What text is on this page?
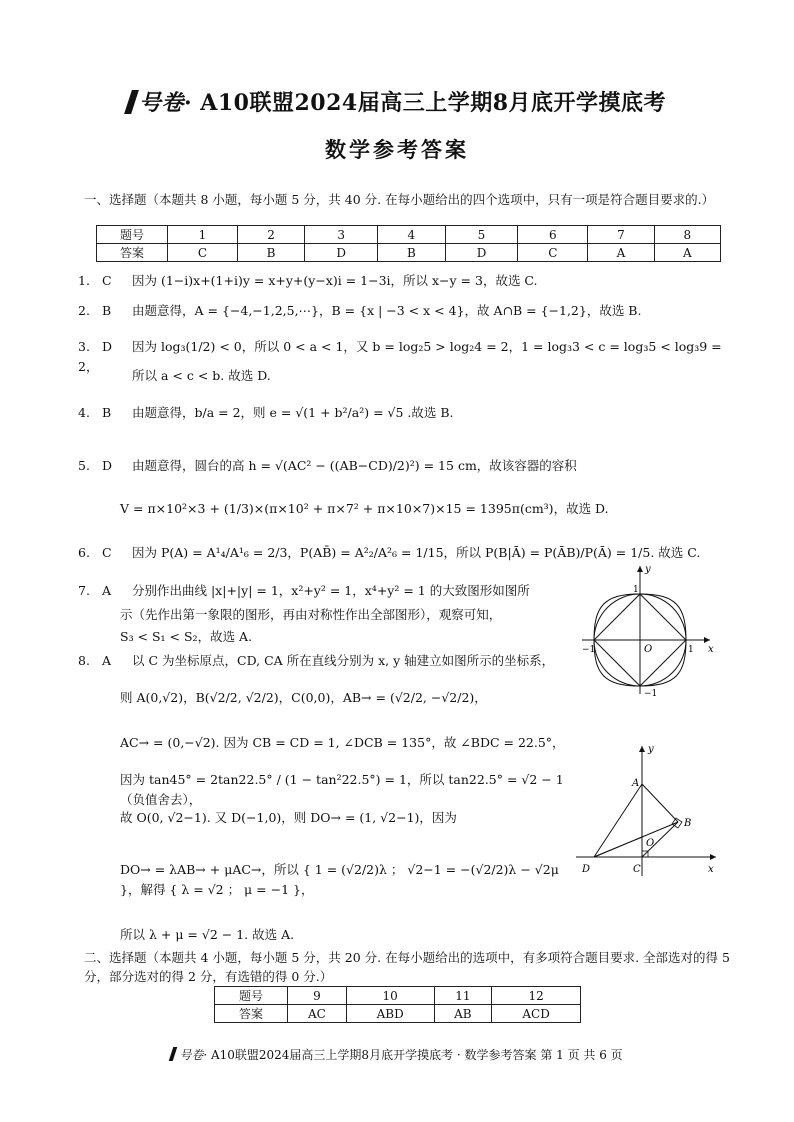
号卷· A10联盟2024届高三上学期8月底开学摸底考
数学参考答案
一、选择题（本题共 8 小题，每小题 5 分，共 40 分. 在每小题给出的四个选项中，只有一项是符合题目要求的.）
题号	1	2	3	4	5	6	7	8
答案	C	B	D	B	D	C	A	A
1. C 因为 (1−i)x+(1+i)y = x+y+(y−x)i = 1−3i，所以 x−y = 3，故选 C.
2. B 由题意得，A = {−4,−1,2,5,⋯}，B = {x | −3 < x < 4}，故 A∩B = {−1,2}，故选 B.
3. D 因为 log₃(1/2) < 0，所以 0 < a < 1，又 b = log₂5 > log₂4 = 2，1 = log₃3 < c = log₃5 < log₃9 = 2，
所以 a < c < b. 故选 D.
4. B 由题意得，b/a = 2，则 e = √(1 + b²/a²) = √5 .故选 B.
5. D 由题意得，圆台的高 h = √(AC² − ((AB−CD)/2)²) = 15 cm，故该容器的容积
V = π×10²×3 + (1/3)×(π×10² + π×7² + π×10×7)×15 = 1395π(cm³)，故选 D.
6. C 因为 P(A) = A¹₄/A¹₆ = 2/3，P(AB̄) = A²₂/A²₆ = 1/15，所以 P(B|Ā) = P(ĀB)/P(Ā) = 1/5. 故选 C.
7. A 分别作出曲线 |x|+|y| = 1，x²+y² = 1，x⁴+y² = 1 的大致图形如图所
示（先作出第一象限的图形，再由对称性作出全部图形），观察可知，
S₃ < S₁ < S₂，故选 A.
8. A 以 C 为坐标原点，CD, CA 所在直线分别为 x, y 轴建立如图所示的坐标系，
则 A(0,√2)，B(√2/2, √2/2)，C(0,0)，AB→ = (√2/2, −√2/2)，
AC→ = (0,−√2). 因为 CB = CD = 1, ∠DCB = 135°，故 ∠BDC = 22.5°，
因为 tan45° = 2tan22.5° / (1 − tan²22.5°) = 1，所以 tan22.5° = √2 − 1（负值舍去），
故 O(0, √2−1). 又 D(−1,0)，则 DO→ = (1, √2−1)，因为
DO→ = λAB→ + μAC→，所以 { 1 = (√2/2)λ ； √2−1 = −(√2/2)λ − √2μ }，解得 { λ = √2 ； μ = −1 }，
所以 λ + μ = √2 − 1. 故选 A.
y
x
O
1
−1
1
−1
y
x
A
B
O
D	C
二、选择题（本题共 4 小题，每小题 5 分，共 20 分. 在每小题给出的选项中，有多项符合题目要求. 全部选对的得 5 分，部分选对的得 2 分，有选错的得 0 分.）
题号	9	10	11	12
答案	AC	ABD	AB	ACD
号卷· A10联盟2024届高三上学期8月底开学摸底考 · 数学参考答案 第 1 页 共 6 页
